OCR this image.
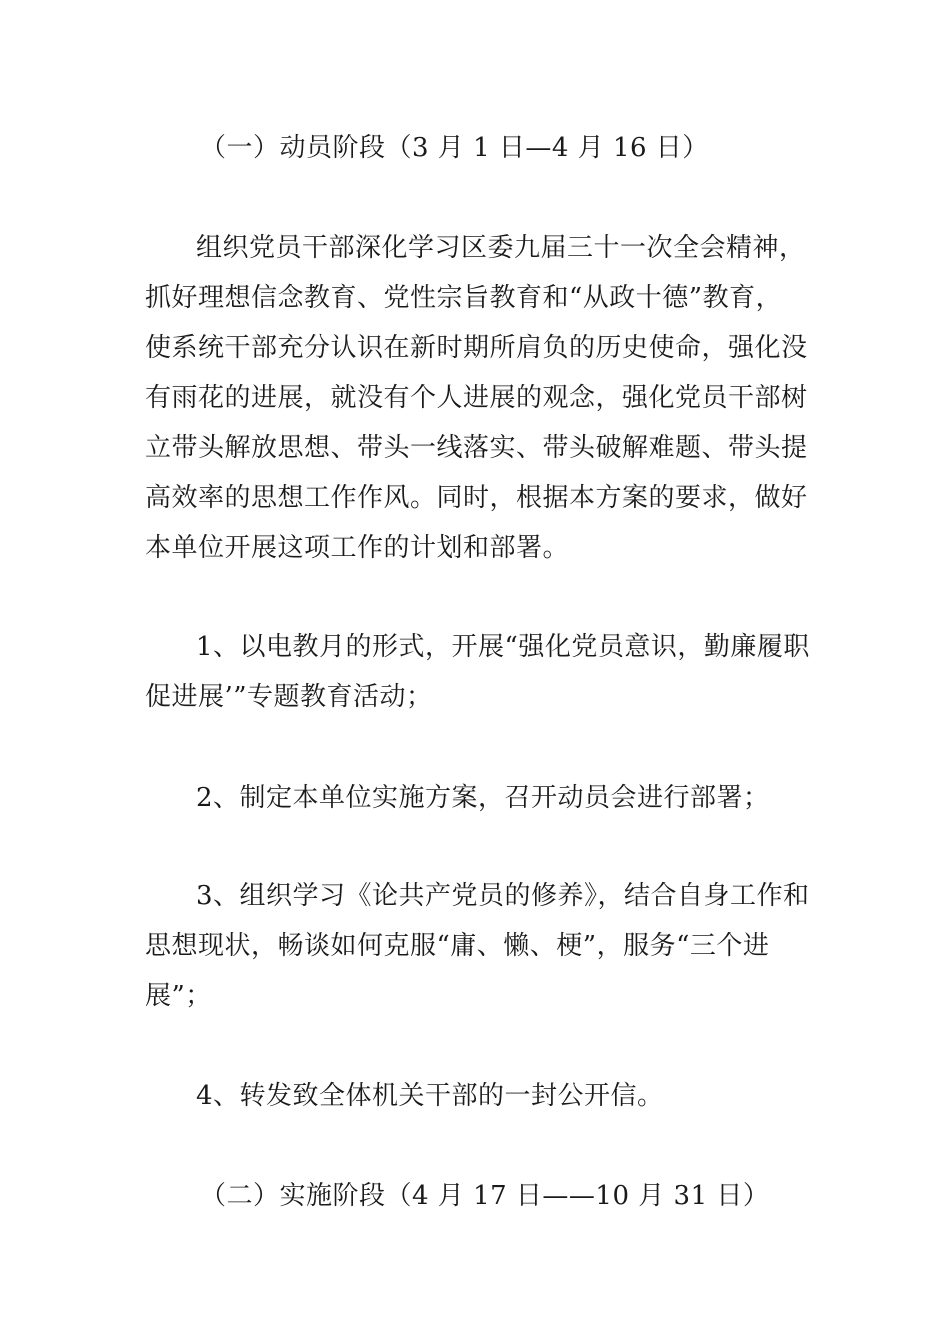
（一）动员阶段（3 月 1 日—4 月 16 日）
组织党员干部深化学习区委九届三十一次全会精神，
抓好理想信念教育、党性宗旨教育和“从政十德”教育，
使系统干部充分认识在新时期所肩负的历史使命，强化没
有雨花的进展，就没有个人进展的观念，强化党员干部树
立带头解放思想、带头一线落实、带头破解难题、带头提
高效率的思想工作作风。同时，根据本方案的要求，做好
本单位开展这项工作的计划和部署。
1、以电教月的形式，开展“强化党员意识，勤廉履职
促进展’”专题教育活动；
2、制定本单位实施方案，召开动员会进行部署；
3、组织学习《论共产党员的修养》，结合自身工作和
思想现状，畅谈如何克服“庸、懒、梗”，服务“三个进
展”；
4、转发致全体机关干部的一封公开信。
（二）实施阶段（4 月 17 日——10 月 31 日）
